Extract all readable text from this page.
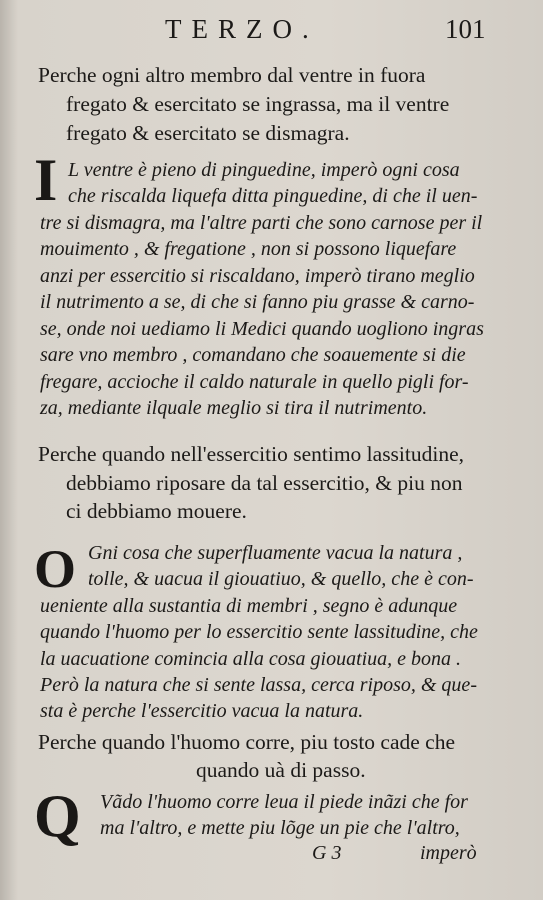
TERZO.	101
Perche ogni altro membro dal ventre in fuora
fregato & esercitato se ingrassa, ma il ventre
fregato & esercitato se dismagra.
I L ventre è pieno di pinguedine, imperò ogni cosa
che riscalda liquefa ditta pinguedine, di che il uen-
tre si dismagra, ma l'altre parti che sono carnose per il
mouimento , & fregatione , non si possono liquefare
anzi per essercitio si riscaldano, imperò tirano meglio
il nutrimento a se, di che si fanno piu grasse & carno-
se, onde noi uediamo li Medici quando uogliono ingras
sare vno membro , comandano che soauemente si die
fregare, accioche il caldo naturale in quello pigli for-
za, mediante ilquale meglio si tira il nutrimento.
Perche quando nell'essercitio sentimo lassitudine,
debbiamo riposare da tal essercitio, & piu non
ci debbiamo mouere.
O Gni cosa che superfluamente vacua la natura ,
tolle, & uacua il giouatiuo, & quello, che è con-
ueniente alla sustantia di membri , segno è adunque
quando l'huomo per lo essercitio sente lassitudine, che
la uacuatione comincia alla cosa giouatiua, e bona .
Però la natura che si sente lassa, cerca riposo, & que-
sta è perche l'essercitio vacua la natura.
Perche quando l'huomo corre, piu tosto cade che
quando uà di passo.
Q Vãdo l'huomo corre leua il piede inãzi che for
ma l'altro, e mette piu lõge un pie che l'altro,
G 3	imperò
